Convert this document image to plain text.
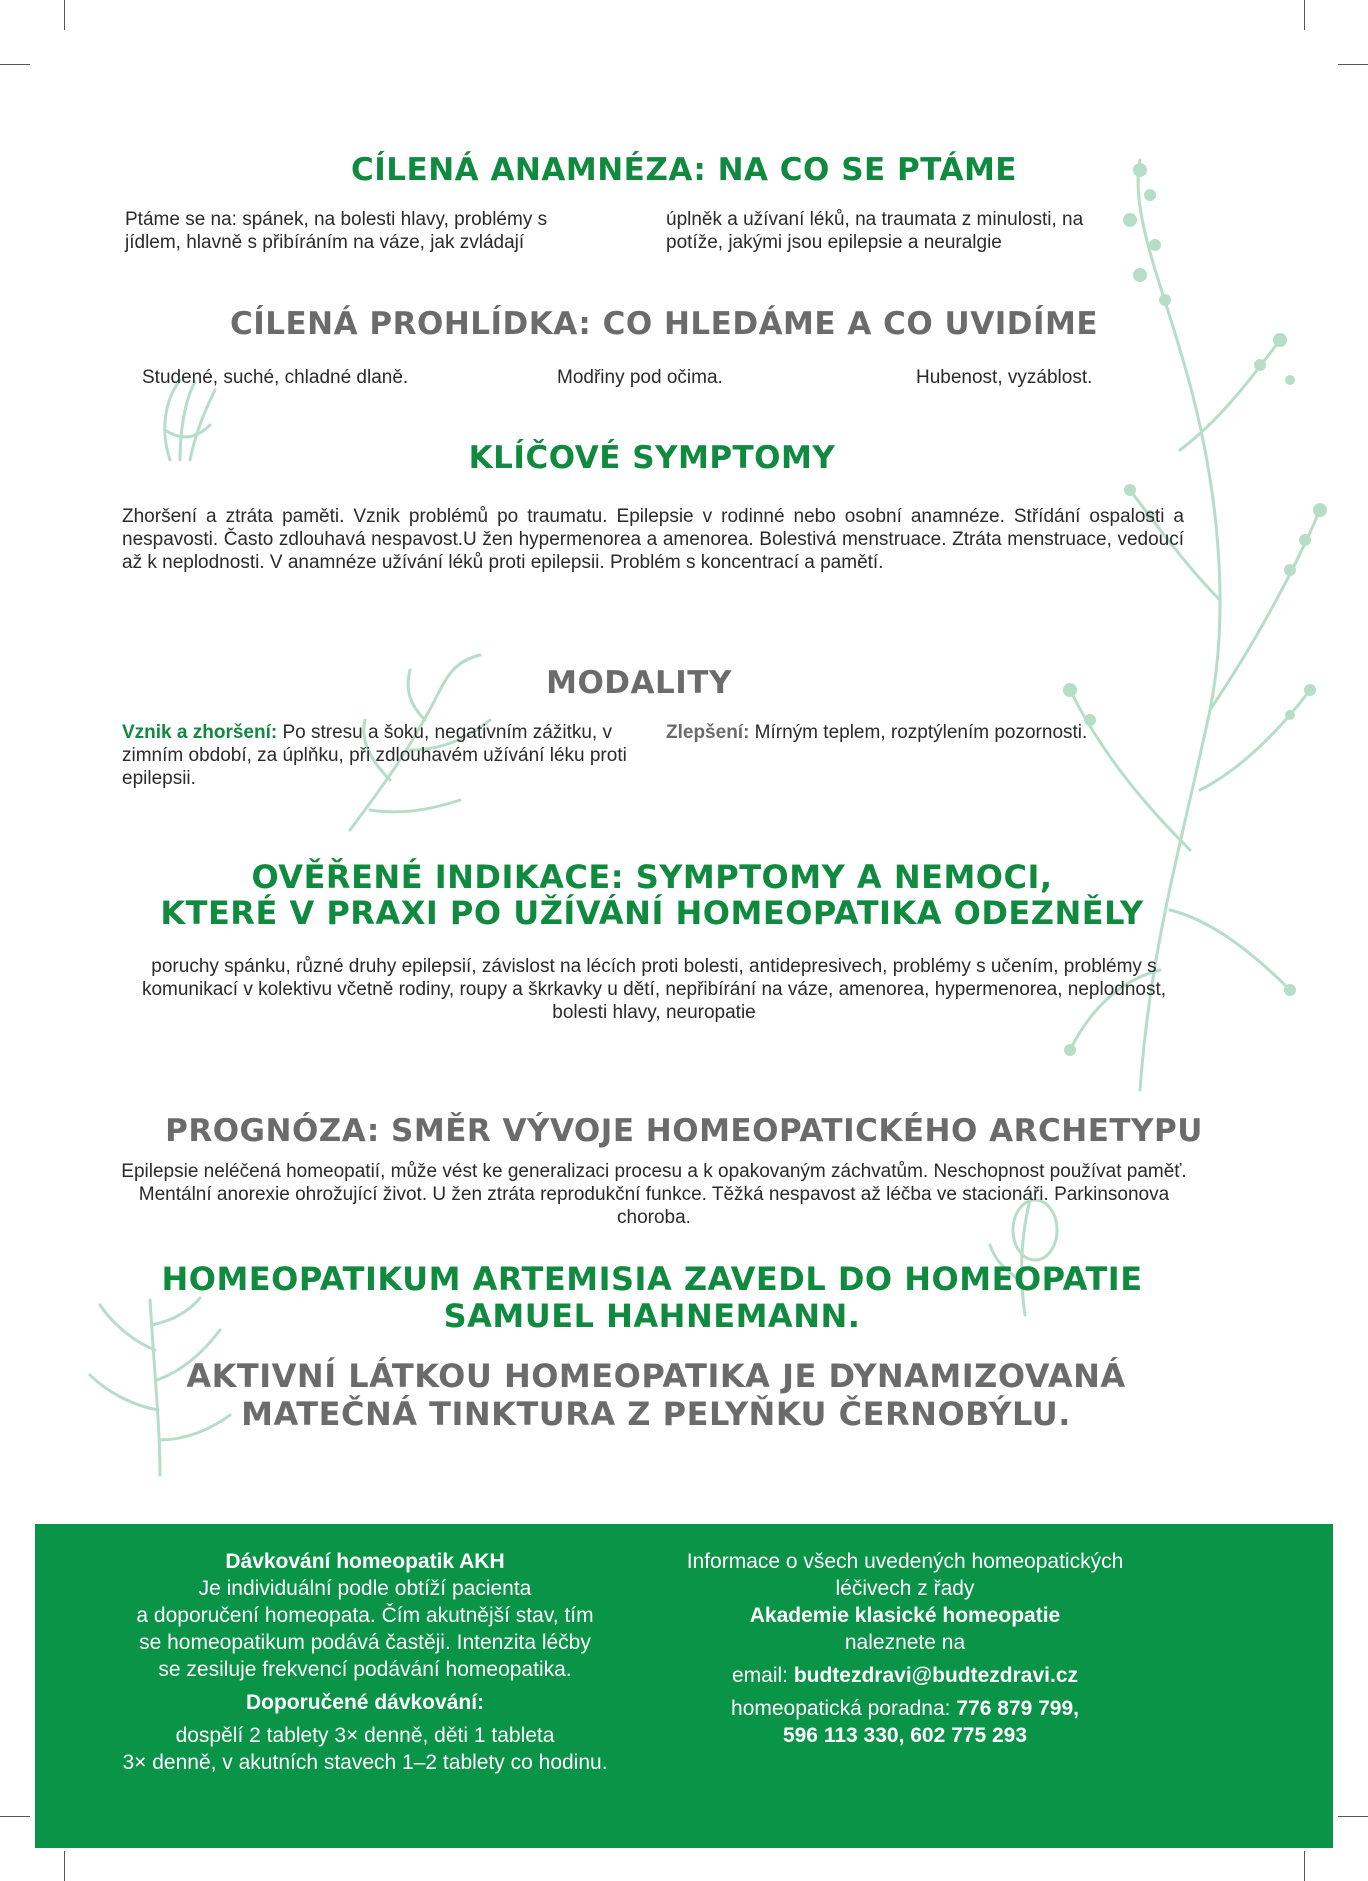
CÍLENÁ ANAMNÉZA: NA CO SE PTÁME
Ptáme se na: spánek, na bolesti hlavy, problémy s jídlem, hlavně s přibíráním na váze, jak zvládají
úplněk a užívaní léků, na traumata z minulosti, na potíže, jakými jsou epilepsie a neuralgie
CÍLENÁ PROHLÍDKA: CO HLEDÁME A CO UVIDÍME
Studené, suché, chladné dlaně.	Modřiny pod očima.	Hubenost, vyzáblost.
KLÍČOVÉ SYMPTOMY
Zhoršení a ztráta paměti. Vznik problémů po traumatu. Epilepsie v rodinné nebo osobní anamnéze. Střídání ospalosti a nespavosti. Často zdlouhavá nespavost.U žen hypermenorea a amenorea. Bolestivá menstruace. Ztráta menstruace, vedoucí až k neplodnosti. V anamnéze užívání léků proti epilepsii. Problém s koncentrací a pamětí.
MODALITY
Vznik a zhoršení: Po stresu a šoku, negativním zážitku, v zimním období, za úplňku, při zdlouhavém užívání léku proti epilepsii.
Zlepšení: Mírným teplem, rozptýlením pozornosti.
OVĚŘENÉ INDIKACE: SYMPTOMY A NEMOCI,
KTERÉ V PRAXI PO UŽÍVÁNÍ HOMEOPATIKA ODEZNĚLY
poruchy spánku, různé druhy epilepsií, závislost na lécích proti bolesti, antidepresivech, problémy s učením, problémy s komunikací v kolektivu včetně rodiny, roupy a škrkavky u dětí, nepřibírání na váze, amenorea, hypermenorea, neplodnost, bolesti hlavy, neuropatie
PROGNÓZA: SMĚR VÝVOJE HOMEOPATICKÉHO ARCHETYPU
Epilepsie neléčená homeopatií, může vést ke generalizaci procesu a k opakovaným záchvatům. Neschopnost používat paměť. Mentální anorexie ohrožující život. U žen ztráta reprodukční funkce. Těžká nespavost až léčba ve stacionáři. Parkinsonova choroba.
HOMEOPATIKUM ARTEMISIA ZAVEDL DO HOMEOPATIE
SAMUEL HAHNEMANN.
AKTIVNÍ LÁTKOU HOMEOPATIKA JE DYNAMIZOVANÁ
MATEČNÁ TINKTURA Z PELYŇKU ČERNOBÝLU.
Dávkování homeopatik AKH
Je individuální podle obtíží pacienta
a doporučení homeopata. Čím akutnější stav, tím
se homeopatikum podává častěji. Intenzita léčby
se zesiluje frekvencí podávání homeopatika.
Doporučené dávkování:
dospělí 2 tablety 3× denně, děti 1 tableta
3× denně, v akutních stavech 1–2 tablety co hodinu.
Informace o všech uvedených homeopatických
léčivech z řady
Akademie klasické homeopatie
naleznete na
email: budtezdravi@budtezdravi.cz
homeopatická poradna: 776 879 799,
596 113 330, 602 775 293
